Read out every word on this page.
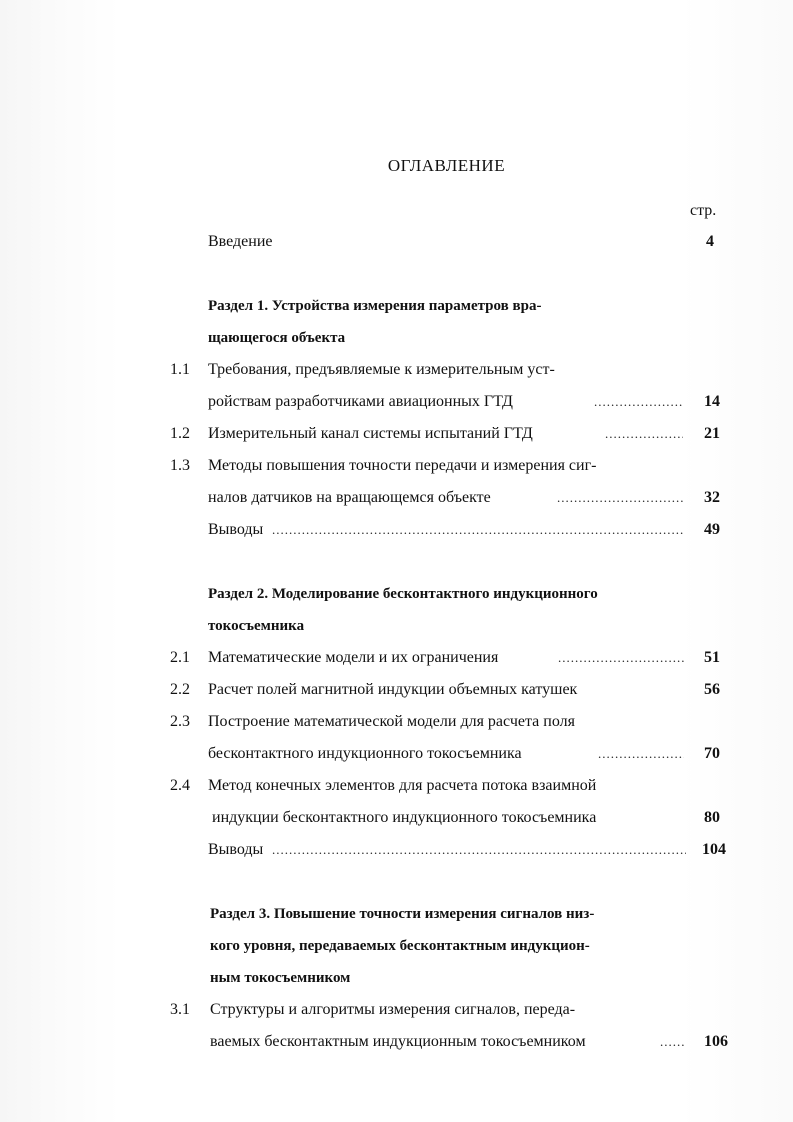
ОГЛАВЛЕНИЕ
стр.
Введение	4
Раздел 1. Устройства измерения параметров вра-
щающегося объекта
1.1 Требования, предъявляемые к измерительным уст-
ройствам разработчиками авиационных ГТД .....	14
1.2 Измерительный канал системы испытаний ГТД .....	21
1.3 Методы повышения точности передачи и измерения сиг-
налов датчиков на вращающемся объекте .....	32
Выводы .....	49
Раздел 2. Моделирование бесконтактного индукционного
токосъемника
2.1 Математические модели и их ограничения .....	51
2.2 Расчет полей магнитной индукции объемных катушек	56
2.3 Построение математической модели для расчета поля
бесконтактного индукционного токосъемника .....	70
2.4 Метод конечных элементов для расчета потока взаимной
индукции бесконтактного индукционного токосъемника	80
Выводы .....	104
Раздел 3. Повышение точности измерения сигналов низ-
кого уровня, передаваемых бесконтактным индукцион-
ным токосъемником
3.1 Структуры и алгоритмы измерения сигналов, переда-
ваемых бесконтактным индукционным токосъемником .....	106
